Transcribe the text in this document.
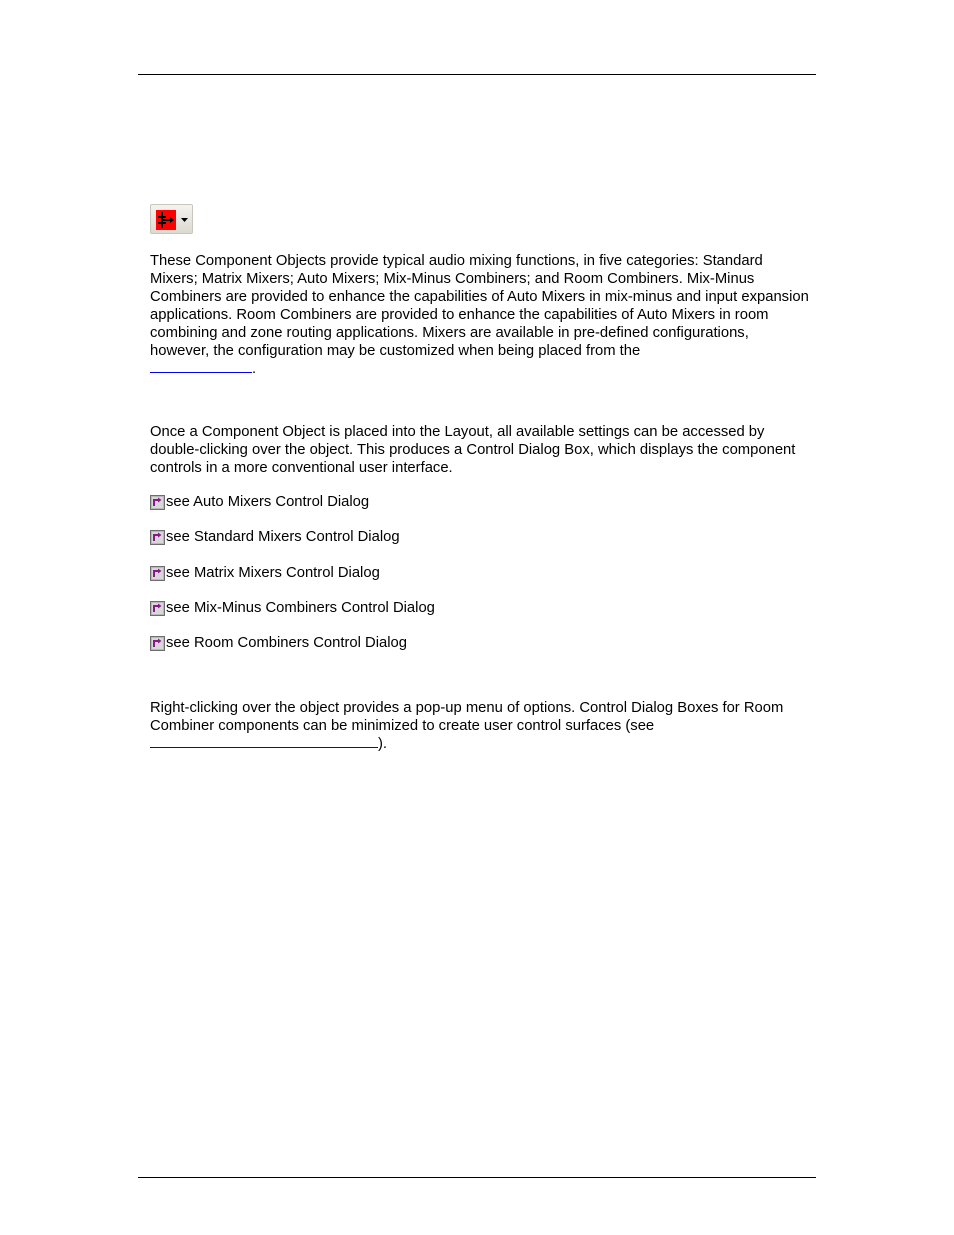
These Component Objects provide typical audio mixing functions, in five categories: Standard Mixers; Matrix Mixers; Auto Mixers; Mix-Minus Combiners; and Room Combiners. Mix-Minus Combiners are provided to enhance the capabilities of Auto Mixers in mix-minus and input expansion applications. Room Combiners are provided to enhance the capabilities of Auto Mixers in room combining and zone routing applications. Mixers are available in pre-defined configurations, however, the configuration may be customized when being placed from the
.

Once a Component Object is placed into the Layout, all available settings can be accessed by double-clicking over the object. This produces a Control Dialog Box, which displays the component controls in a more conventional user interface.

see Auto Mixers Control Dialog
see Standard Mixers Control Dialog
see Matrix Mixers Control Dialog
see Mix-Minus Combiners Control Dialog
see Room Combiners Control Dialog

Right-clicking over the object provides a pop-up menu of options. Control Dialog Boxes for Room Combiner components can be minimized to create user control surfaces (see
).
